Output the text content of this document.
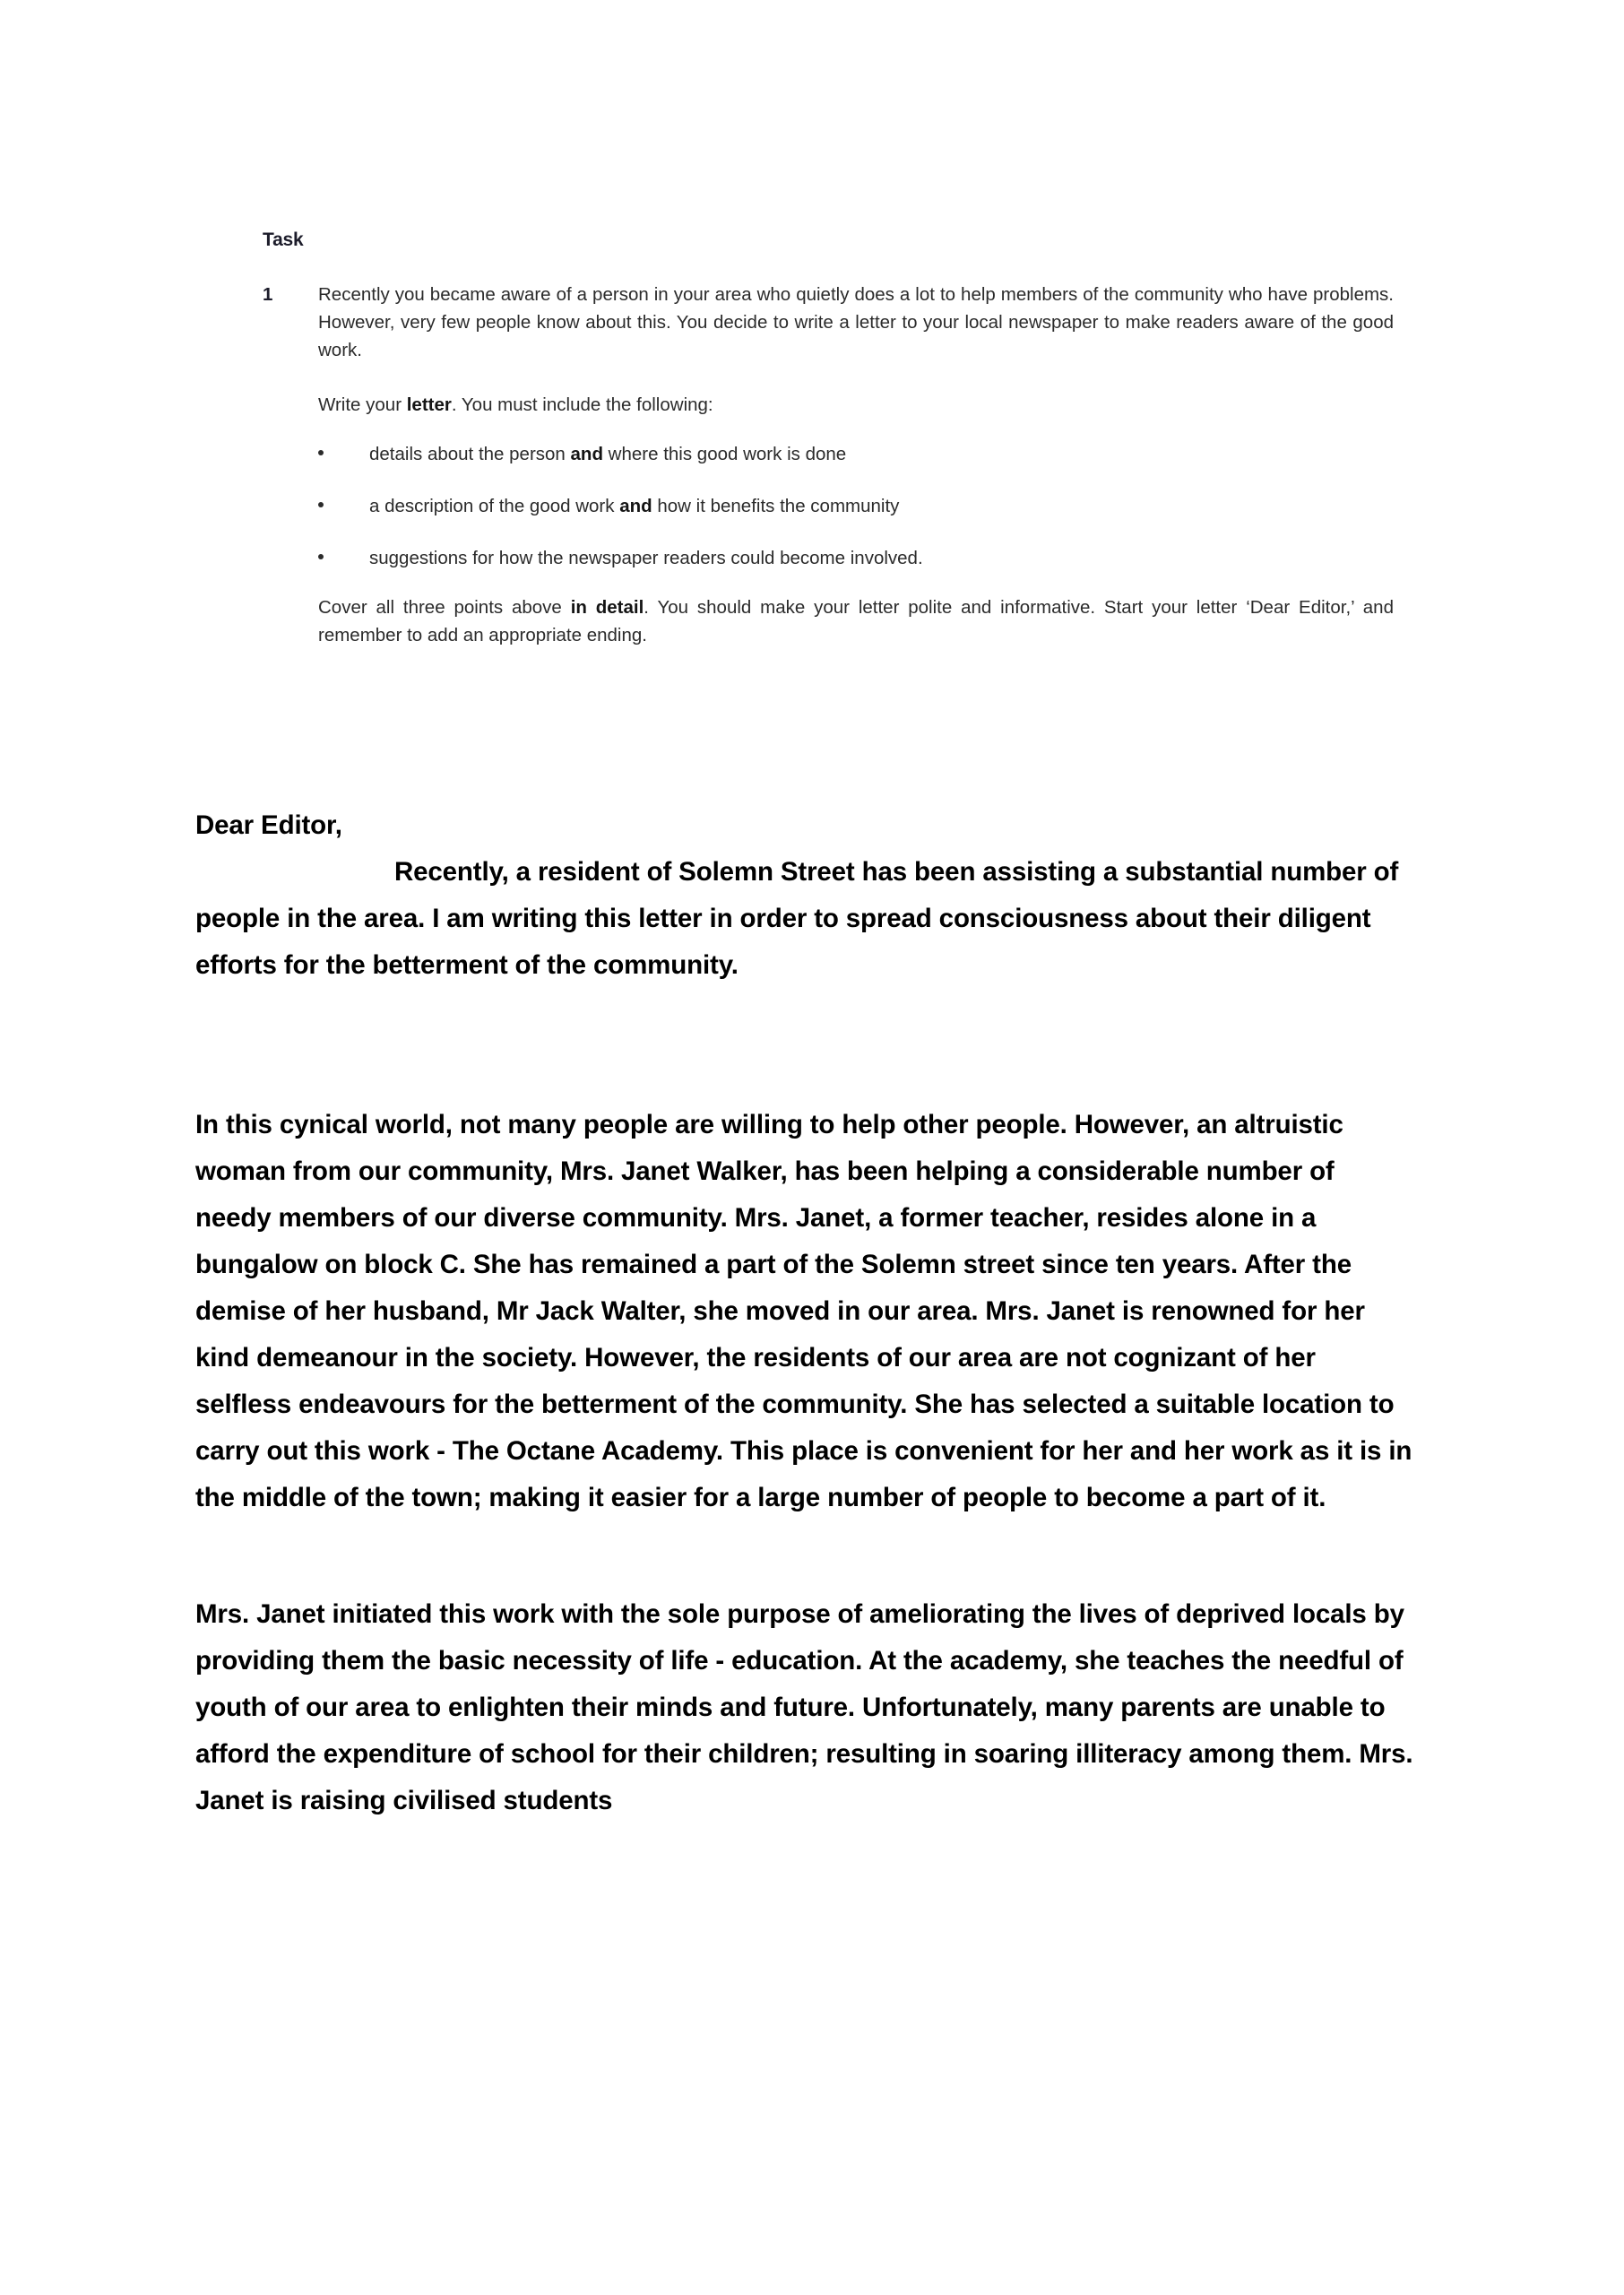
Task
1 Recently you became aware of a person in your area who quietly does a lot to help members of the community who have problems. However, very few people know about this. You decide to write a letter to your local newspaper to make readers aware of the good work.
Write your letter. You must include the following:
details about the person and where this good work is done
a description of the good work and how it benefits the community
suggestions for how the newspaper readers could become involved.
Cover all three points above in detail. You should make your letter polite and informative. Start your letter ‘Dear Editor,’ and remember to add an appropriate ending.

Dear Editor,

Recently, a resident of Solemn Street has been assisting a substantial number of people in the area. I am writing this letter in order to spread consciousness about their diligent efforts for the betterment of the community.

In this cynical world, not many people are willing to help other people. However, an altruistic woman from our community, Mrs. Janet Walker, has been helping a considerable number of needy members of our diverse community. Mrs. Janet, a former teacher, resides alone in a bungalow on block C. She has remained a part of the Solemn street since ten years. After the demise of her husband, Mr Jack Walter, she moved in our area. Mrs. Janet is renowned for her kind demeanour in the society. However, the residents of our area are not cognizant of her selfless endeavours for the betterment of the community. She has selected a suitable location to carry out this work - The Octane Academy. This place is convenient for her and her work as it is in the middle of the town; making it easier for a large number of people to become a part of it.

Mrs. Janet initiated this work with the sole purpose of ameliorating the lives of deprived locals by providing them the basic necessity of life - education. At the academy, she teaches the needful of youth of our area to enlighten their minds and future. Unfortunately, many parents are unable to afford the expenditure of school for their children; resulting in soaring illiteracy among them. Mrs. Janet is raising civilised students
